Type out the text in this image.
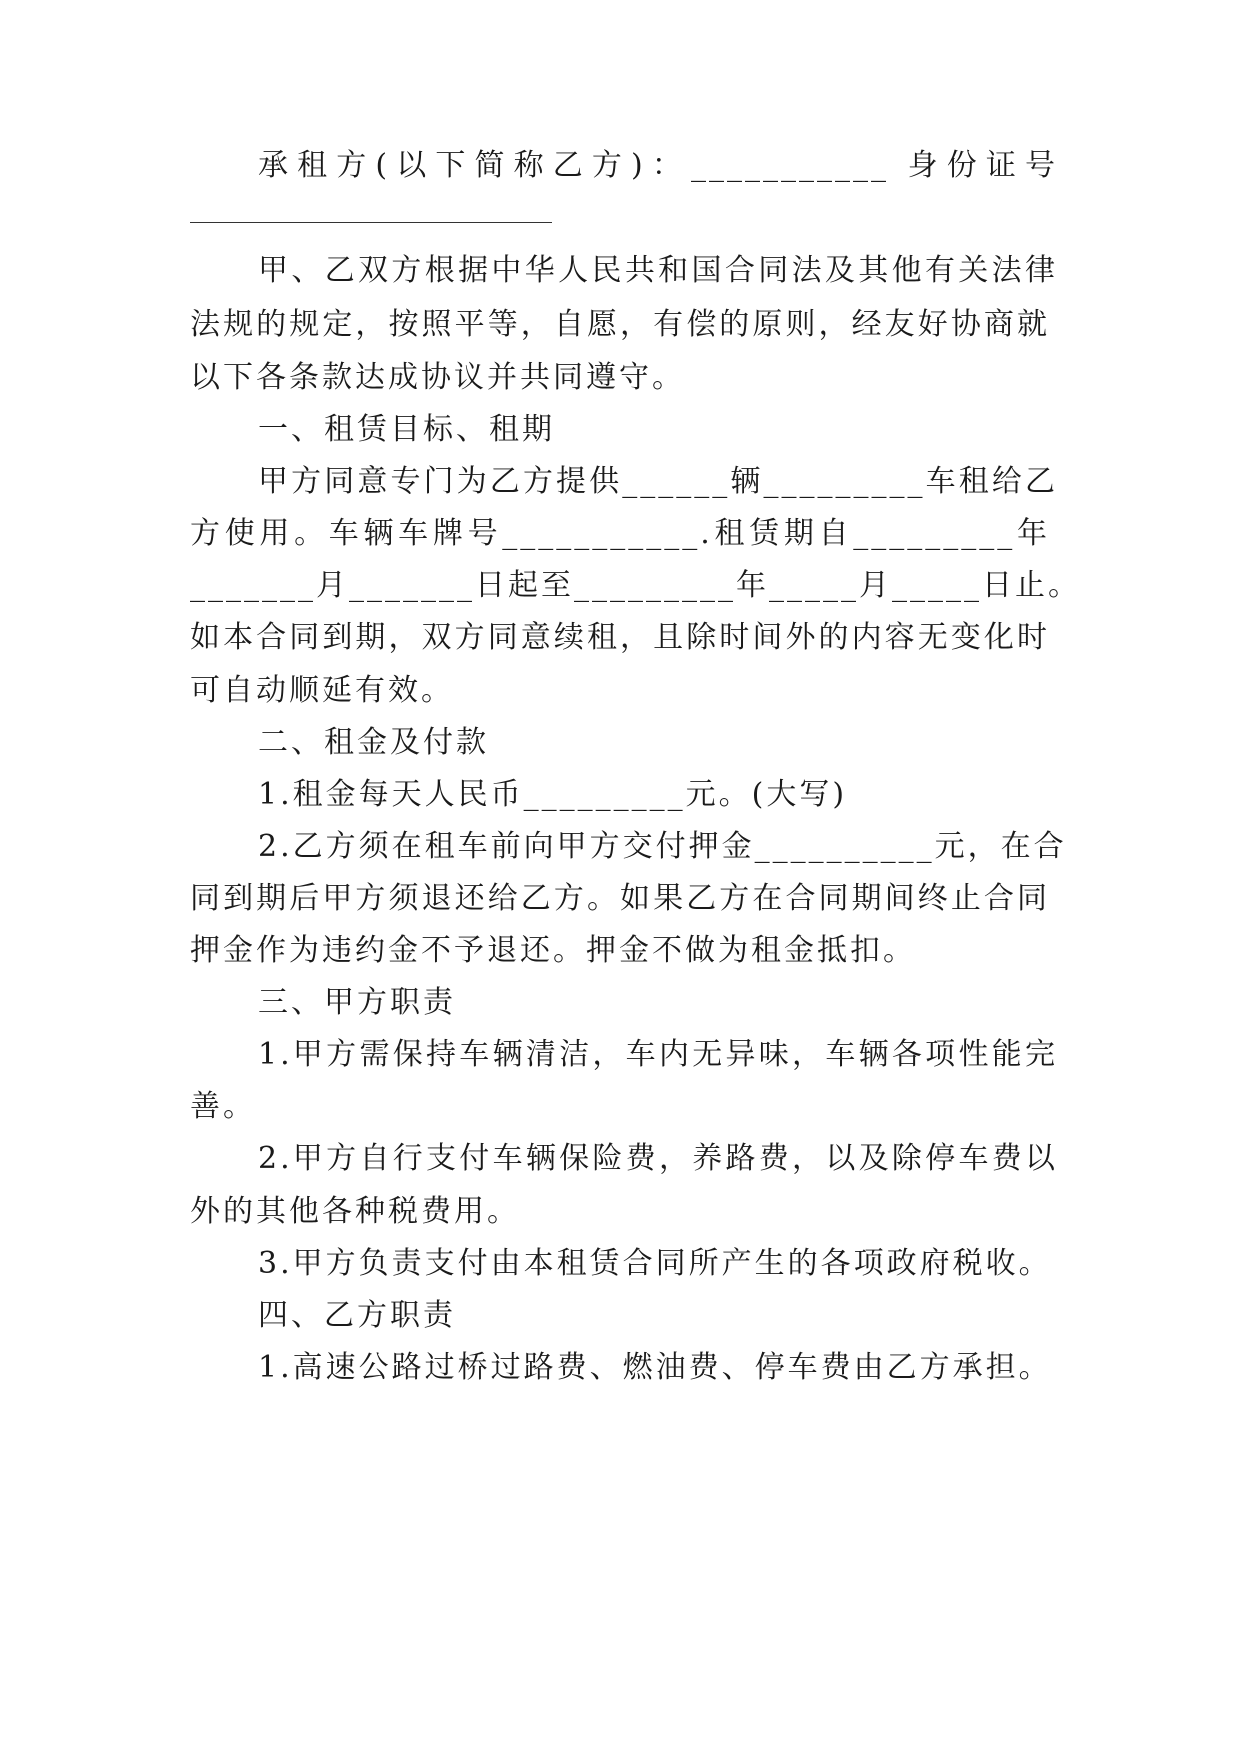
承租方(以下简称乙方)：___________ 身份证号
甲、乙双方根据中华人民共和国合同法及其他有关法律
法规的规定，按照平等，自愿，有偿的原则，经友好协商就
以下各条款达成协议并共同遵守。
一、租赁目标、租期
甲方同意专门为乙方提供______辆_________车租给乙
方使用。车辆车牌号___________.租赁期自_________年
_______月_______日起至_________年_____月_____日止。
如本合同到期，双方同意续租，且除时间外的内容无变化时
可自动顺延有效。
二、租金及付款
1.租金每天人民币_________元。(大写)
2.乙方须在租车前向甲方交付押金__________元，在合
同到期后甲方须退还给乙方。如果乙方在合同期间终止合同
押金作为违约金不予退还。押金不做为租金抵扣。
三、甲方职责
1.甲方需保持车辆清洁，车内无异味，车辆各项性能完
善。
2.甲方自行支付车辆保险费，养路费，以及除停车费以
外的其他各种税费用。
3.甲方负责支付由本租赁合同所产生的各项政府税收。
四、乙方职责
1.高速公路过桥过路费、燃油费、停车费由乙方承担。
